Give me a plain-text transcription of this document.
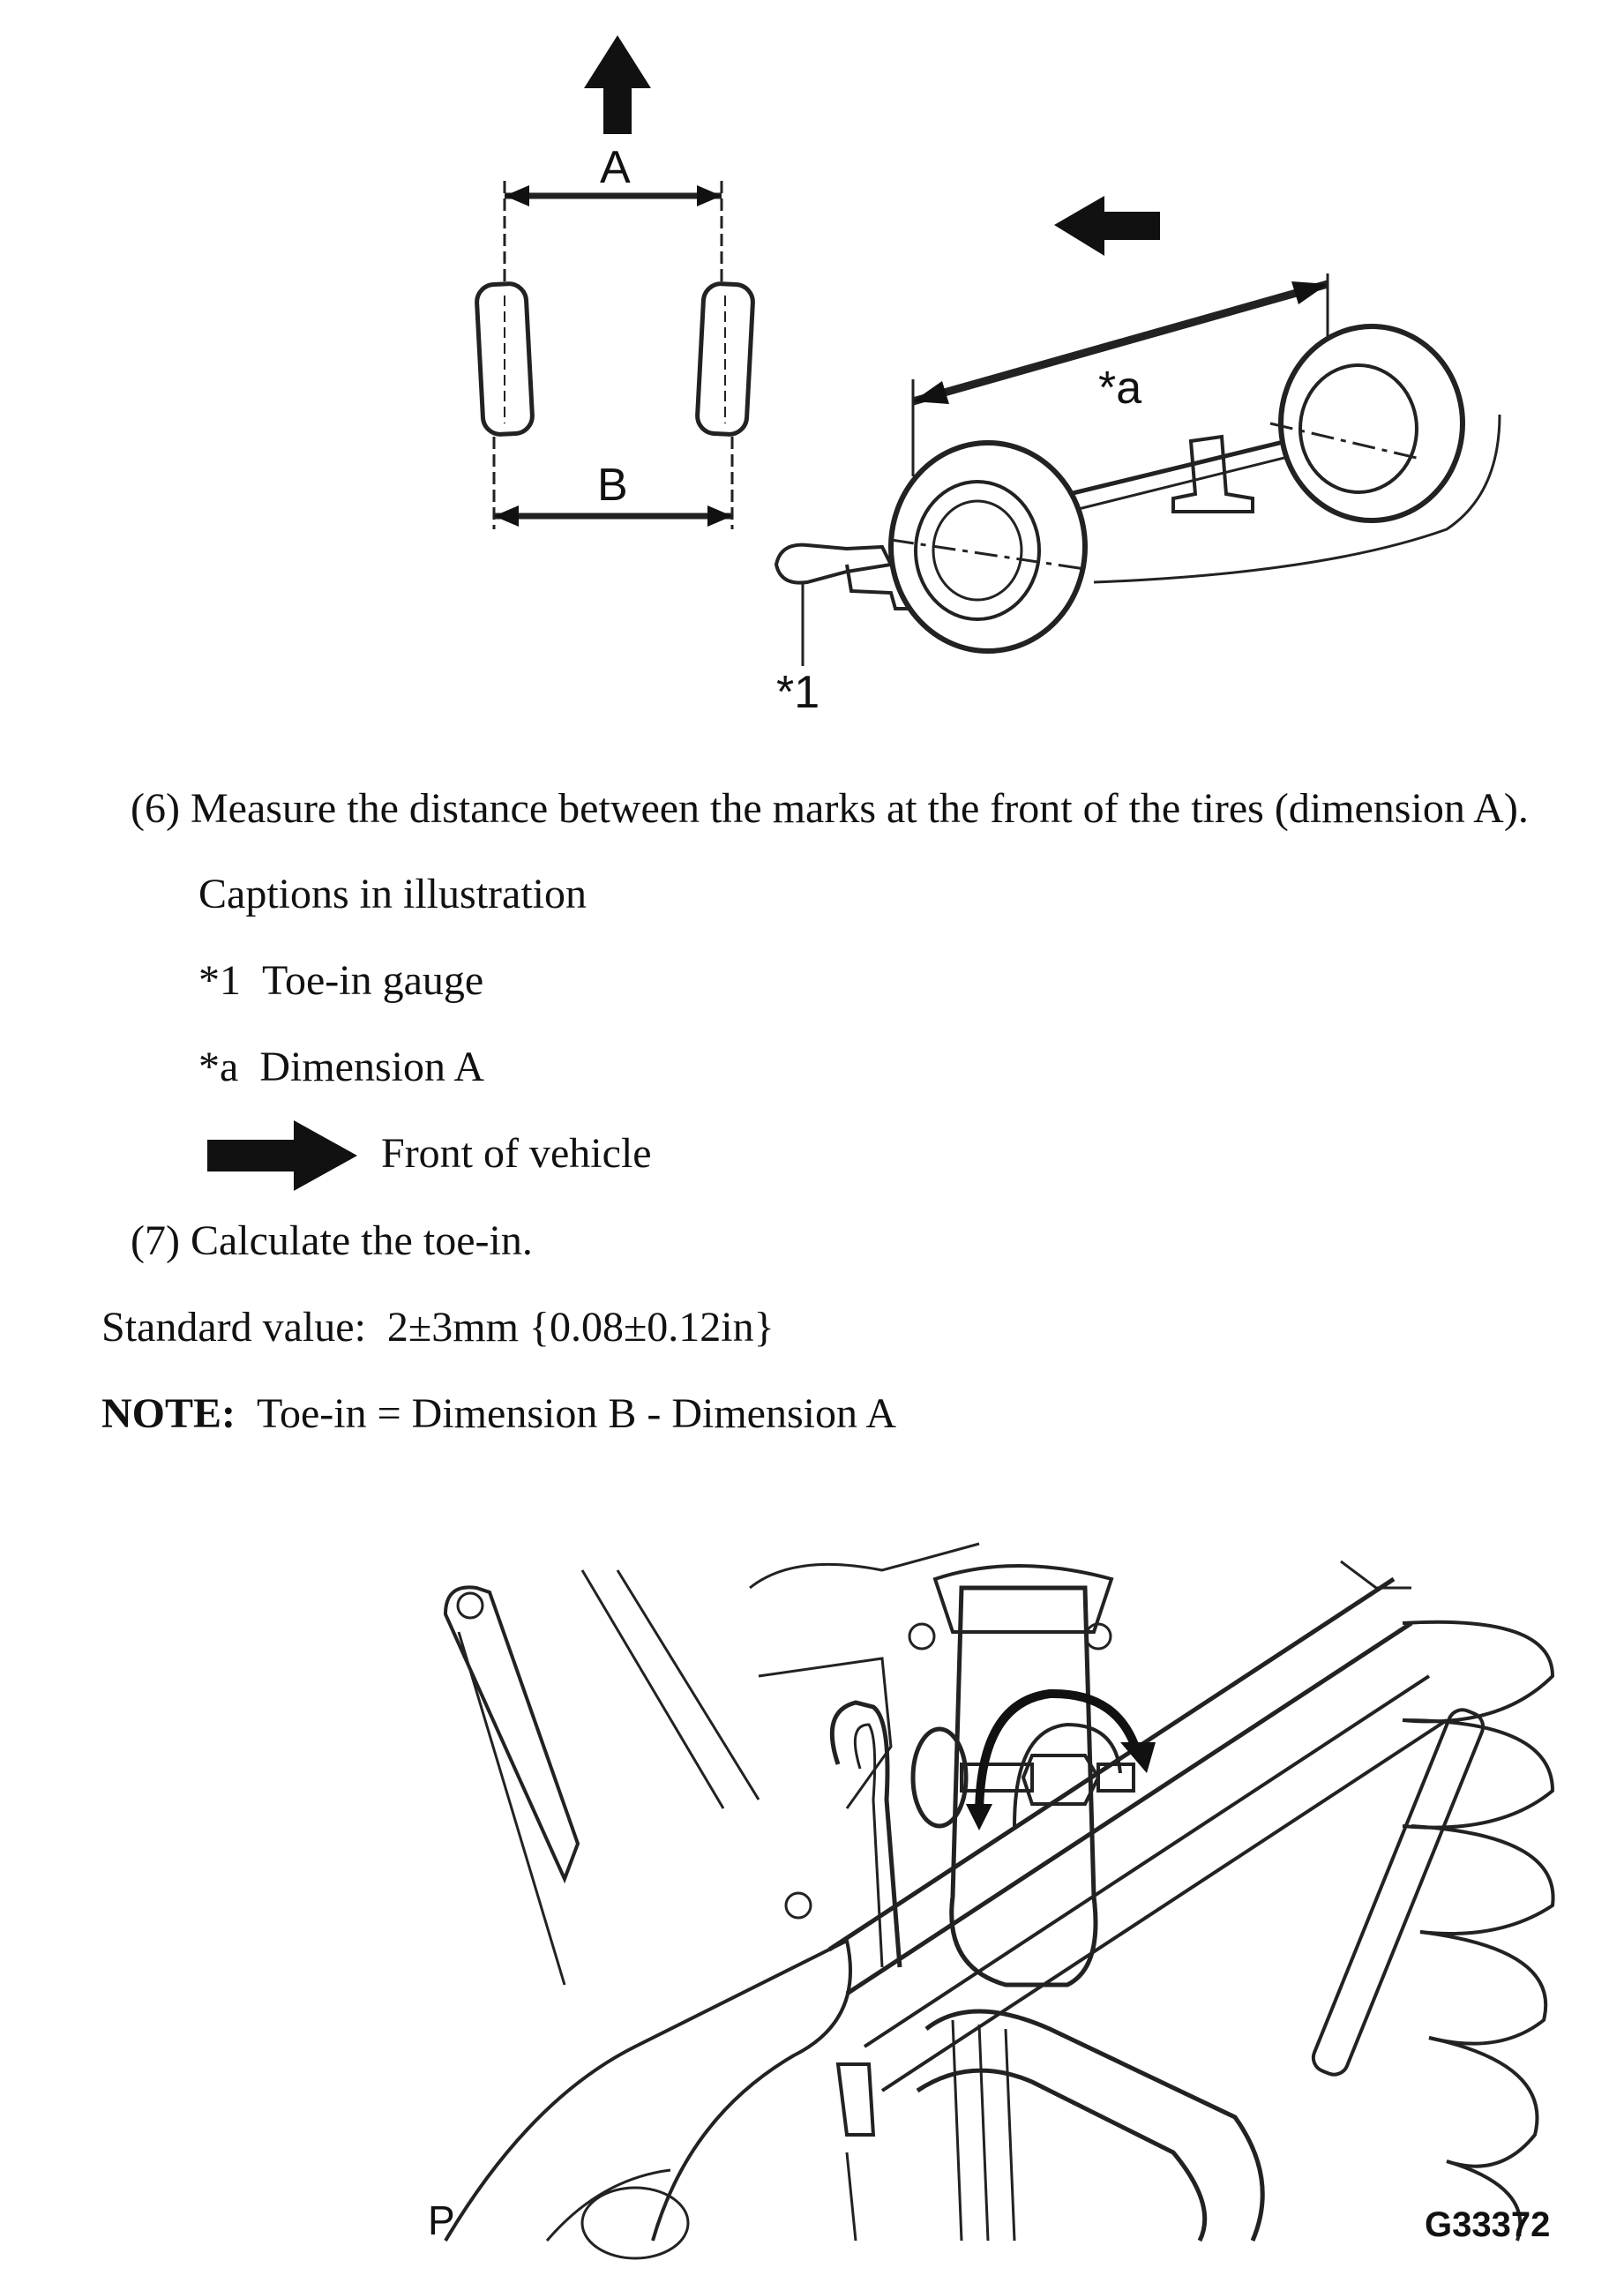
A
B
*a
*1
(6) Measure the distance between the marks at the front of the tires (dimension A).
Captions in illustration
*1 Toe-in gauge
*a Dimension A
Front of vehicle
(7) Calculate the toe-in.
Standard value: 2±3mm {0.08±0.12in}
NOTE: Toe-in = Dimension B - Dimension A
P	G33372
